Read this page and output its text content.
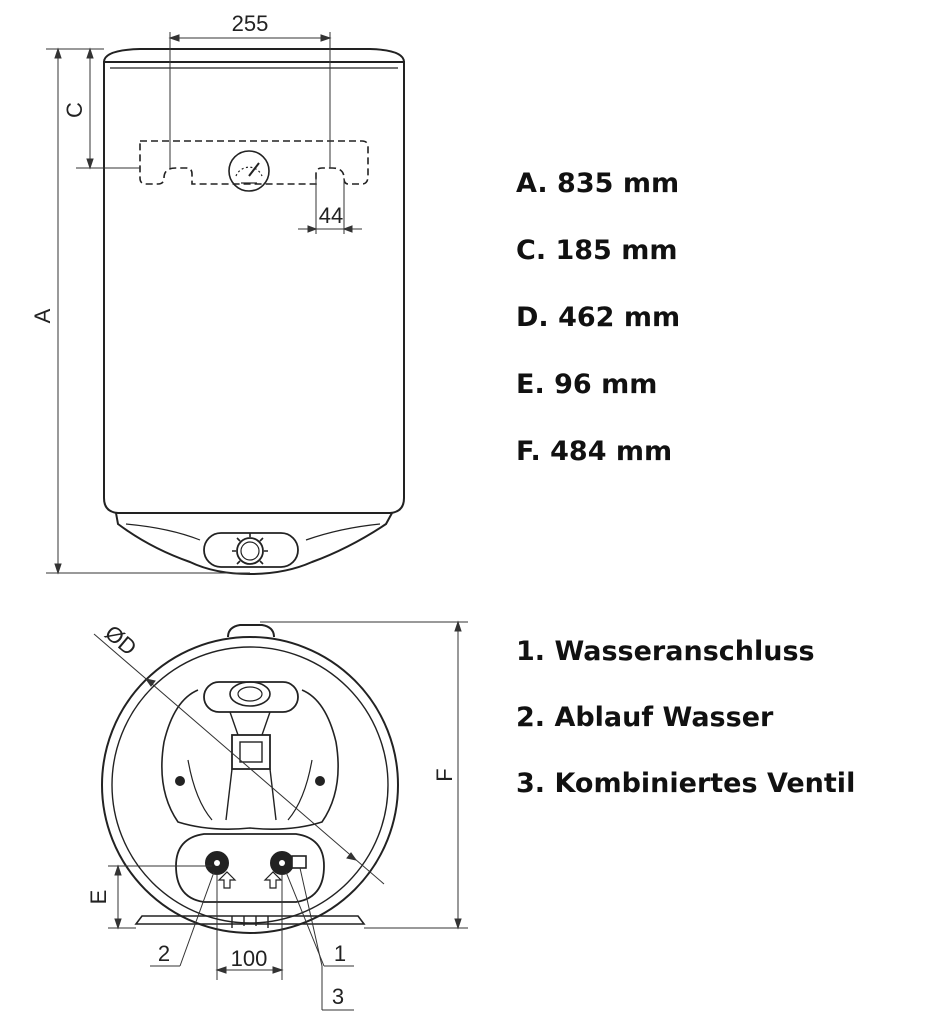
255
44
C
A
ØD
F
E
100
2	1
3
A. 835 mm
C. 185 mm
D. 462 mm
E. 96 mm
F. 484 mm
1. Wasseranschluss
2. Ablauf Wasser
3. Kombiniertes Ventil
